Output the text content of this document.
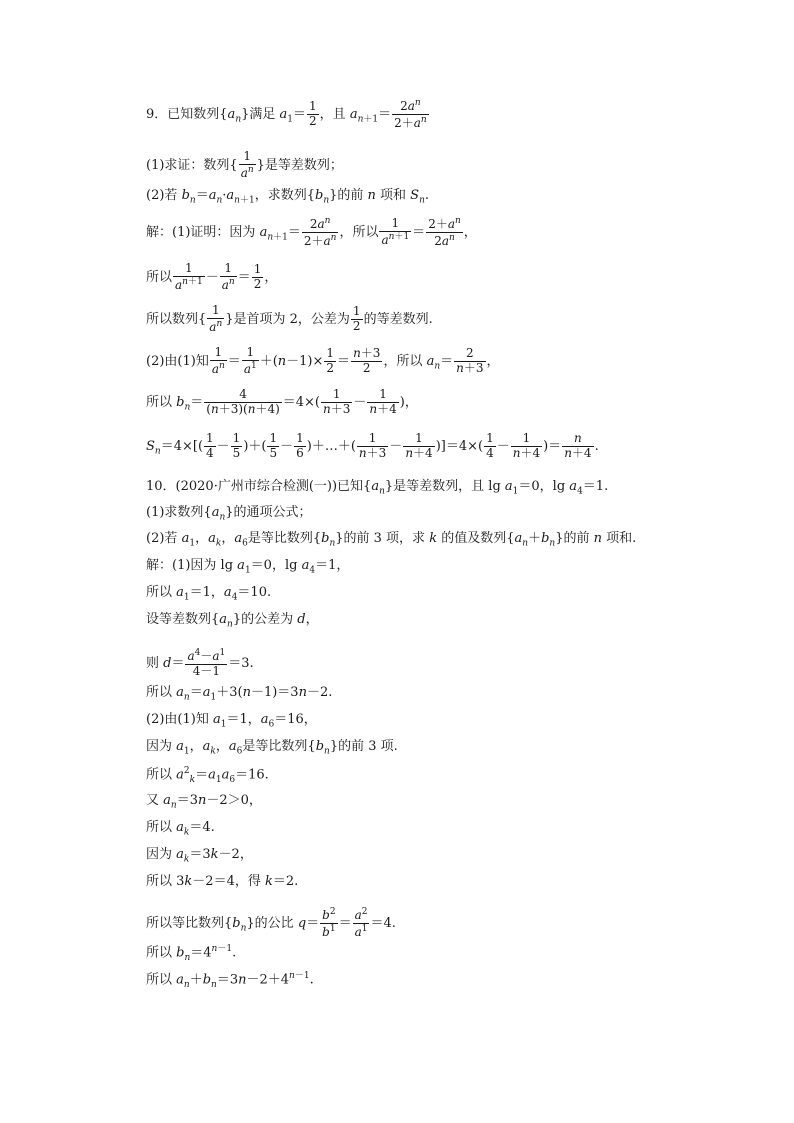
9．已知数列$\{a_n\}$满足 $a_1= \frac{1}{2}$ ，且 $a_{n+1}= \frac{2a^n}{2+a^n}$
(1)求证：数列{ $\frac{1}{a^n}$ }是等差数列；
(2)若 $b_n=a_n\cdot a_{n+1}$，求数列$\{b_n\}$的前 n 项和 $S_n$.
解：(1)证明：因为 $a_{n+1}= \frac{2a^n}{2+a^n}$ ，所以 $\frac{1}{a^{n+1}} = \frac{2+a^n}{2a^n}$ ，
所以 $\frac{1}{a^{n+1}} - \frac{1}{a^n} = \frac{1}{2}$ ，
所以数列{ $\frac{1}{a^n}$ }是首项为 2，公差为 $\frac{1}{2}$ 的等差数列.
(2)由(1)知 $\frac{1}{a^n} = \frac{1}{a^1} +(n-1)\times \frac{1}{2} = \frac{n+3}{2}$ ，所以 $a_n= \frac{2}{n+3}$ ，
所以 $b_n= \frac{4}{(n+3)(n+4)} =4\times( \frac{1}{n+3} - \frac{1}{n+4}$ )，
$S_n=4\times[( \frac{1}{4} - \frac{1}{5}$ )＋( $\frac{1}{5} - \frac{1}{6}$ )＋…＋( $\frac{1}{n+3} - \frac{1}{n+4} )]=4\times( \frac{1}{4} - \frac{1}{n+4}$ )＝ $\frac{n}{n+4}$ .
10．(2020·广州市综合检测(一))已知$\{a_n\}$是等差数列，且 $\lg a_1=0$，$\lg a_4=1$.
(1)求数列$\{a_n\}$的通项公式；
(2)若 $a_1$，$a_k$，$a_6$是等比数列$\{b_n\}$的前 3 项，求 k 的值及数列$\{a_n+b_n\}$的前 n 项和.
解：(1)因为 $\lg a_1=0$，$\lg a_4=1$，
所以 $a_1=1$，$a_4=10$.
设等差数列$\{a_n\}$的公差为 d，
则 $d= \frac{a^4-a^1}{4-1} =3$.
所以 $a_n=a_1+3(n-1)=3n-2$.
(2)由(1)知 $a_1=1$，$a_6=16$，
因为 $a_1$，$a_k$，$a_6$是等比数列$\{b_n\}$的前 3 项.
所以 $a^2_k=a_1a_6=16$.
又 $a_n=3n-2>0$，
所以 $a_k=4$.
因为 $a_k=3k-2$，
所以 3k－2＝4，得 k＝2.
所以等比数列$\{b_n\}$的公比 $q= \frac{b^2}{b^1} = \frac{a^2}{a^1} =4$.
所以 $b_n=4^{n-1}$.
所以 $a_n+b_n=3n-2+4^{n-1}$.
